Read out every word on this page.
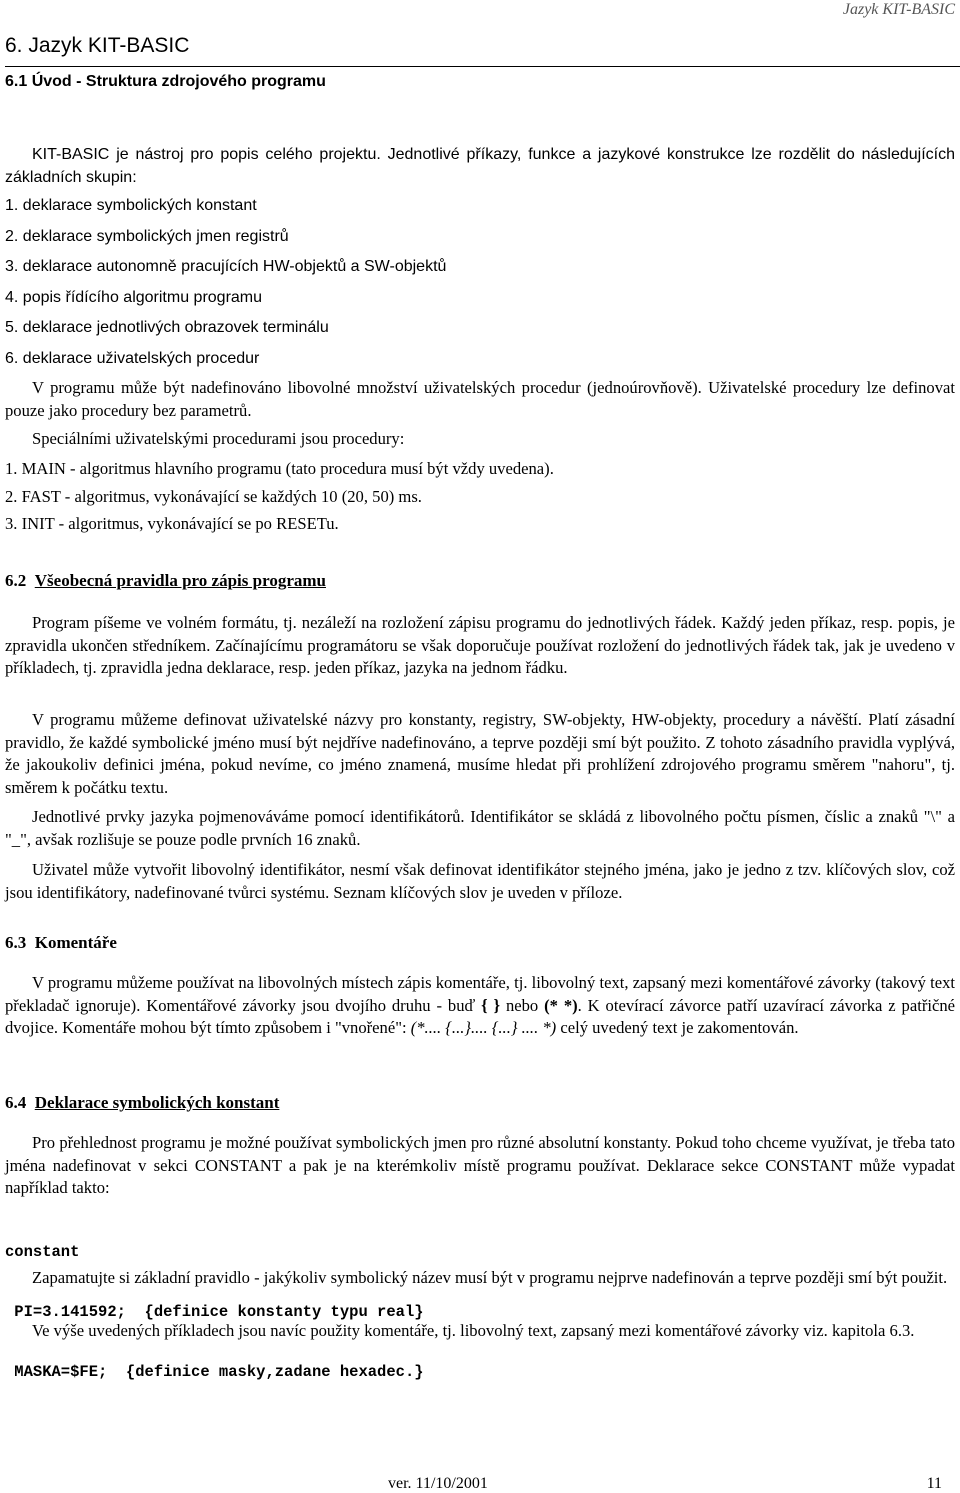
Jazyk KIT-BASIC
6. Jazyk KIT-BASIC
6.1 Úvod - Struktura zdrojového programu

KIT-BASIC je nástroj pro popis celého projektu. Jednotlivé příkazy, funkce a jazykové konstrukce lze rozdělit do následujících základních skupin:

1. deklarace symbolických konstant
2. deklarace symbolických jmen registrů
3. deklarace autonomně pracujících HW-objektů a SW-objektů
4. popis řídícího algoritmu programu
5. deklarace jednotlivých obrazovek terminálu
6. deklarace uživatelských procedur

V programu může být nadefinováno libovolné množství uživatelských procedur (jednoúrovňově). Uživatelské procedury lze definovat pouze jako procedury bez parametrů.

Speciálními uživatelskými procedurami jsou procedury:

1. MAIN - algoritmus hlavního programu (tato procedura musí být vždy uvedena).
2. FAST - algoritmus, vykonávající se každých 10 (20, 50) ms.
3. INIT - algoritmus, vykonávající se po RESETu.
6.2 Všeobecná pravidla pro zápis programu

Program píšeme ve volném formátu, tj. nezáleží na rozložení zápisu programu do jednotlivých řádek. Každý jeden příkaz, resp. popis, je zpravidla ukončen středníkem. Začínajícímu programátoru se však doporučuje používat rozložení do jednotlivých řádek tak, jak je uvedeno v příkladech, tj. zpravidla jedna deklarace, resp. jeden příkaz, jazyka na jednom řádku.

V programu můžeme definovat uživatelské názvy pro konstanty, registry, SW-objekty, HW-objekty, procedury a návěští. Platí zásadní pravidlo, že každé symbolické jméno musí být nejdříve nadefinováno, a teprve později smí být použito. Z tohoto zásadního pravidla vyplývá, že jakoukoliv definici jména, pokud nevíme, co jméno znamená, musíme hledat při prohlížení zdrojového programu směrem "nahoru", tj. směrem k počátku textu.

Jednotlivé prvky jazyka pojmenováváme pomocí identifikátorů. Identifikátor se skládá z libovolného počtu písmen, číslic a znaků "\" a "_", avšak rozlišuje se pouze podle prvních 16 znaků.

Uživatel může vytvořit libovolný identifikátor, nesmí však definovat identifikátor stejného jména, jako je jedno z tzv. klíčových slov, což jsou identifikátory, nadefinované tvůrci systému. Seznam klíčových slov je uveden v příloze.

6.3 Komentáře

V programu můžeme používat na libovolných místech zápis komentáře, tj. libovolný text, zapsaný mezi komentářové závorky (takový text překladač ignoruje). Komentářové závorky jsou dvojího druhu - buď { } nebo (* *). K otevírací závorce patří uzavírací závorka z patřičné dvojice. Komentáře mohou být tímto způsobem i "vnořené": (*.... {...}.... {...} .... *) celý uvedený text je zakomentován.

6.4 Deklarace symbolických konstant

Pro přehlednost programu je možné používat symbolických jmen pro různé absolutní konstanty. Pokud toho chceme využívat, je třeba tato jména nadefinovat v sekci CONSTANT a pak je na kterémkoliv místě programu používat. Deklarace sekce CONSTANT může vypadat například takto:

constant

PI=3.141592;  {definice konstanty typu real}

MASKA=$FE;  {definice masky,zadane hexadec.}

Zapamatujte si základní pravidlo - jakýkoliv symbolický název musí být v programu nejprve nadefinován a teprve později smí být použit.

Ve výše uvedených příkladech jsou navíc použity komentáře, tj. libovolný text, zapsaný mezi komentářové závorky viz. kapitola 6.3.

ver. 11/10/2001	11
